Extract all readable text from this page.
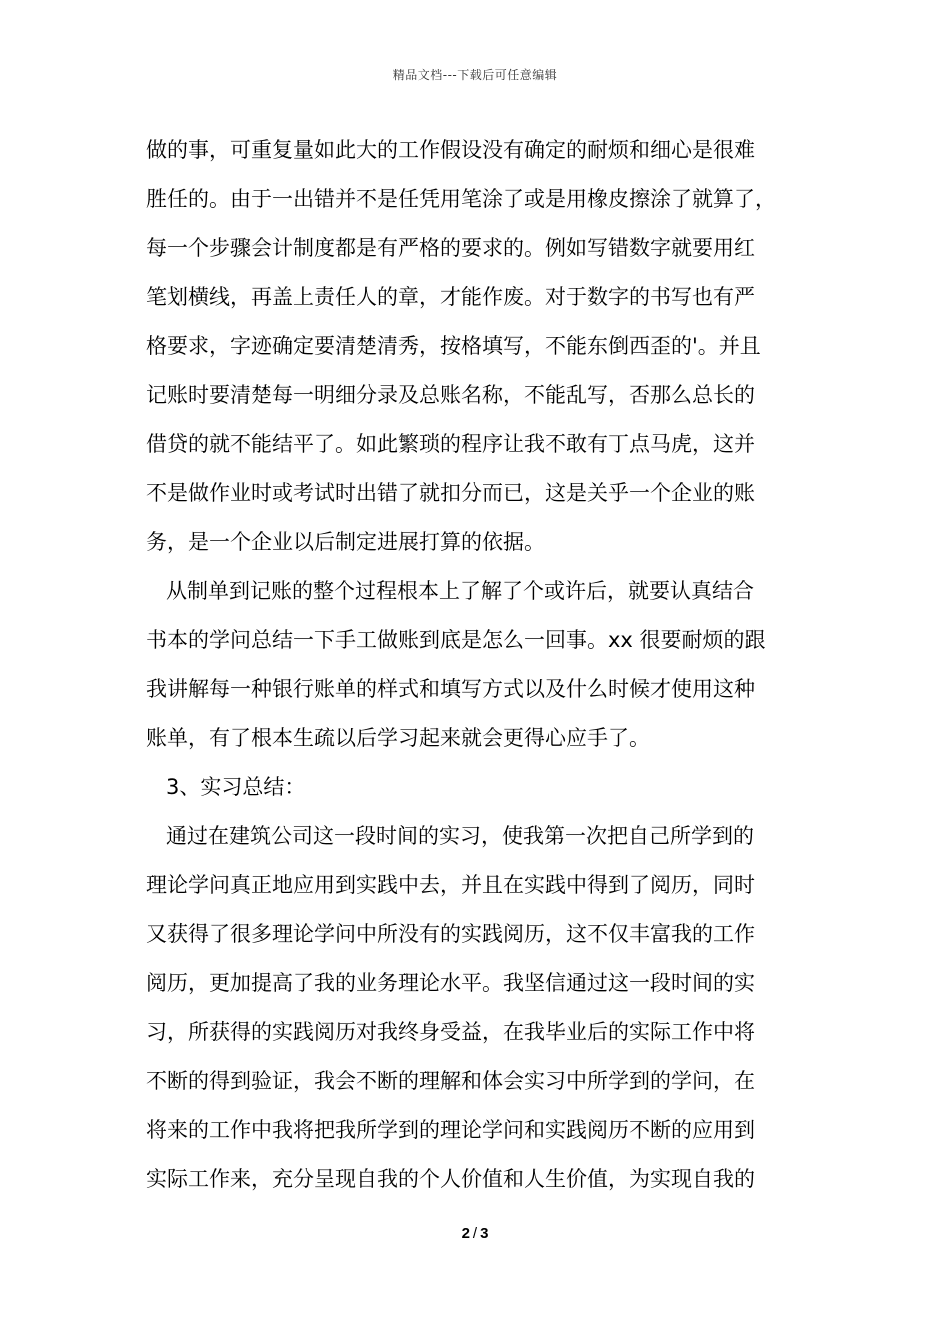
精品文档---下载后可任意编辑
做的事，可重复量如此大的工作假设没有确定的耐烦和细心是很难
胜任的。由于一出错并不是任凭用笔涂了或是用橡皮擦涂了就算了，
每一个步骤会计制度都是有严格的要求的。例如写错数字就要用红
笔划横线，再盖上责任人的章，才能作废。对于数字的书写也有严
格要求，字迹确定要清楚清秀，按格填写，不能东倒西歪的'。并且
记账时要清楚每一明细分录及总账名称，不能乱写，否那么总长的
借贷的就不能结平了。如此繁琐的程序让我不敢有丁点马虎，这并
不是做作业时或考试时出错了就扣分而已，这是关乎一个企业的账
务，是一个企业以后制定进展打算的依据。
从制单到记账的整个过程根本上了解了个或许后，就要认真结合
书本的学问总结一下手工做账到底是怎么一回事。xx 很要耐烦的跟
我讲解每一种银行账单的样式和填写方式以及什么时候才使用这种
账单，有了根本生疏以后学习起来就会更得心应手了。
3、实习总结：
通过在建筑公司这一段时间的实习，使我第一次把自己所学到的
理论学问真正地应用到实践中去，并且在实践中得到了阅历，同时
又获得了很多理论学问中所没有的实践阅历，这不仅丰富我的工作
阅历，更加提高了我的业务理论水平。我坚信通过这一段时间的实
习，所获得的实践阅历对我终身受益，在我毕业后的实际工作中将
不断的得到验证，我会不断的理解和体会实习中所学到的学问，在
将来的工作中我将把我所学到的理论学问和实践阅历不断的应用到
实际工作来，充分呈现自我的个人价值和人生价值，为实现自我的
2 / 3
